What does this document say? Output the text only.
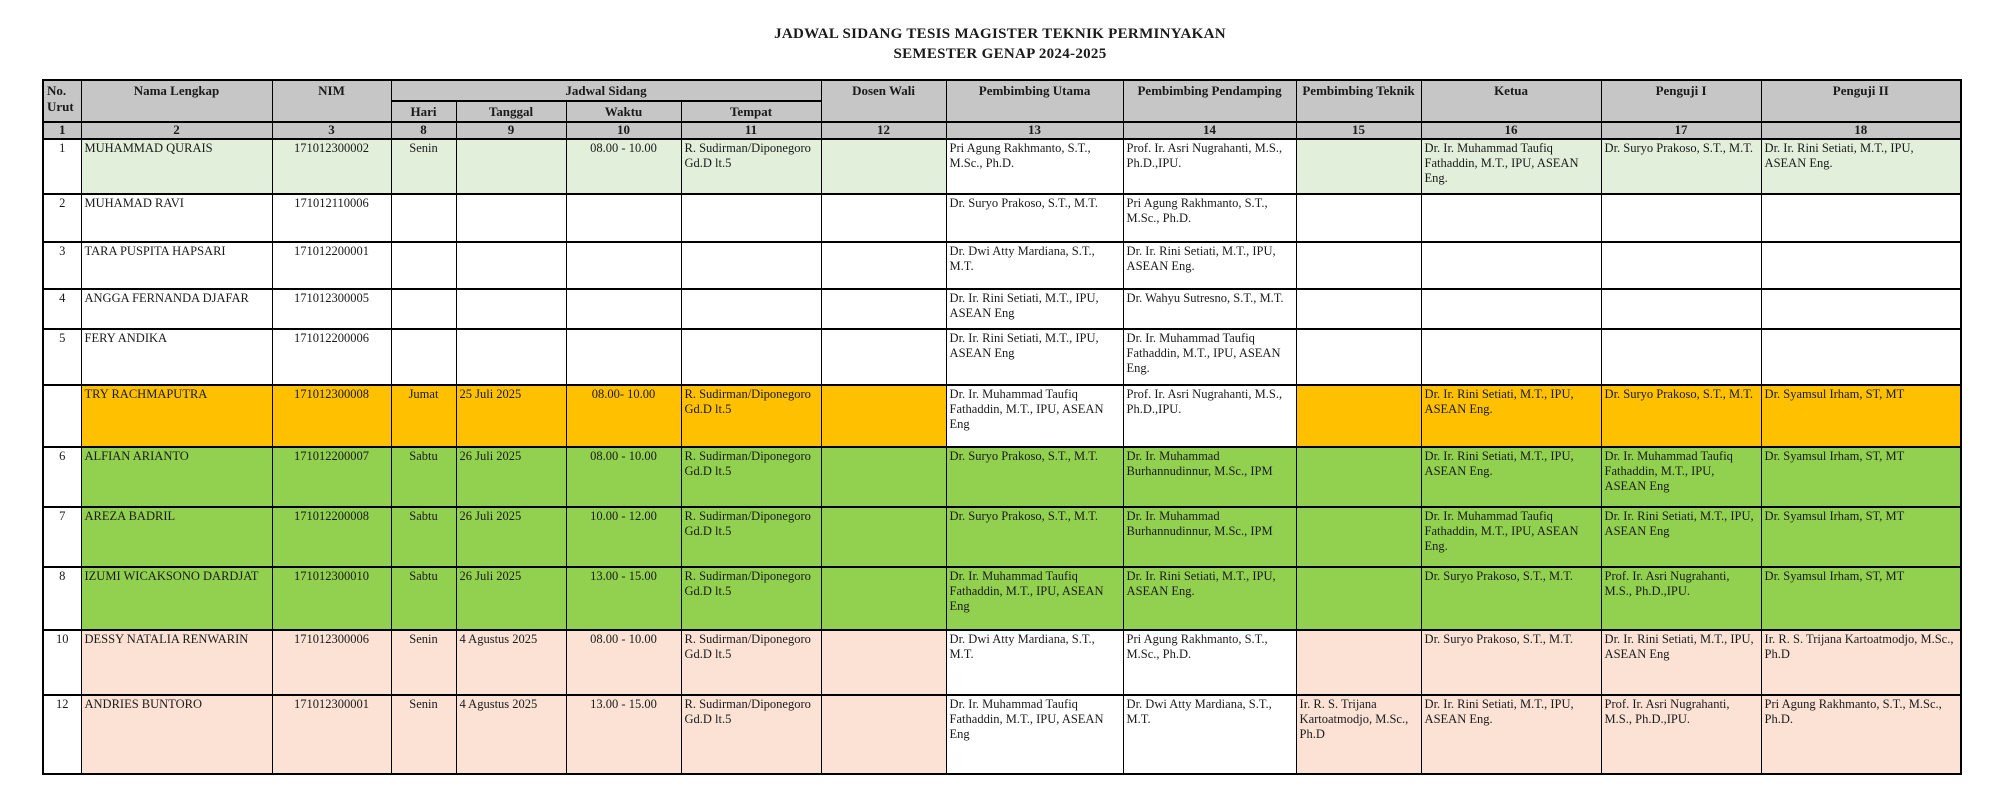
JADWAL SIDANG TESIS MAGISTER TEKNIK PERMINYAKAN
SEMESTER GENAP 2024-2025
No. Urut	Nama Lengkap	NIM	Jadwal Sidang				Dosen Wali	Pembimbing Utama	Pembimbing Pendamping	Pembimbing Teknik	Ketua	Penguji I	Penguji II
			Hari	Tanggal	Waktu	Tempat							
1	2	3	8	9	10	11	12	13	14	15	16	17	18
1	MUHAMMAD QURAIS	171012300002	Senin		08.00 - 10.00	R. Sudirman/Diponegoro Gd.D lt.5		Pri Agung Rakhmanto, S.T., M.Sc., Ph.D.	Prof. Ir. Asri Nugrahanti, M.S., Ph.D.,IPU.		Dr. Ir. Muhammad Taufiq Fathaddin, M.T., IPU, ASEAN Eng.	Dr. Suryo Prakoso, S.T., M.T.	Dr. Ir. Rini Setiati, M.T., IPU, ASEAN Eng.
2	MUHAMAD RAVI	171012110006						Dr. Suryo Prakoso, S.T., M.T.	Pri Agung Rakhmanto, S.T., M.Sc., Ph.D.				
3	TARA PUSPITA HAPSARI	171012200001						Dr. Dwi Atty Mardiana, S.T., M.T.	Dr. Ir. Rini Setiati, M.T., IPU, ASEAN Eng.				
4	ANGGA FERNANDA DJAFAR	171012300005						Dr. Ir. Rini Setiati, M.T., IPU, ASEAN Eng	Dr. Wahyu Sutresno, S.T., M.T.				
5	FERY ANDIKA	171012200006						Dr. Ir. Rini Setiati, M.T., IPU, ASEAN Eng	Dr. Ir. Muhammad Taufiq Fathaddin, M.T., IPU, ASEAN Eng.				
	TRY RACHMAPUTRA	171012300008	Jumat	25 Juli 2025	08.00- 10.00	R. Sudirman/Diponegoro Gd.D lt.5		Dr. Ir. Muhammad Taufiq Fathaddin, M.T., IPU, ASEAN Eng	Prof. Ir. Asri Nugrahanti, M.S., Ph.D.,IPU.		Dr. Ir. Rini Setiati, M.T., IPU, ASEAN Eng.	Dr. Suryo Prakoso, S.T., M.T.	Dr. Syamsul Irham, ST, MT
6	ALFIAN ARIANTO	171012200007	Sabtu	26 Juli 2025	08.00 - 10.00	R. Sudirman/Diponegoro Gd.D lt.5		Dr. Suryo Prakoso, S.T., M.T.	Dr. Ir. Muhammad Burhannudinnur, M.Sc., IPM		Dr. Ir. Rini Setiati, M.T., IPU, ASEAN Eng.	Dr. Ir. Muhammad Taufiq Fathaddin, M.T., IPU, ASEAN Eng	Dr. Syamsul Irham, ST, MT
7	AREZA BADRIL	171012200008	Sabtu	26 Juli 2025	10.00 - 12.00	R. Sudirman/Diponegoro Gd.D lt.5		Dr. Suryo Prakoso, S.T., M.T.	Dr. Ir. Muhammad Burhannudinnur, M.Sc., IPM		Dr. Ir. Muhammad Taufiq Fathaddin, M.T., IPU, ASEAN Eng.	Dr. Ir. Rini Setiati, M.T., IPU, ASEAN Eng	Dr. Syamsul Irham, ST, MT
8	IZUMI WICAKSONO DARDJAT	171012300010	Sabtu	26 Juli 2025	13.00 - 15.00	R. Sudirman/Diponegoro Gd.D lt.5		Dr. Ir. Muhammad Taufiq Fathaddin, M.T., IPU, ASEAN Eng	Dr. Ir. Rini Setiati, M.T., IPU, ASEAN Eng.		Dr. Suryo Prakoso, S.T., M.T.	Prof. Ir. Asri Nugrahanti, M.S., Ph.D.,IPU.	Dr. Syamsul Irham, ST, MT
10	DESSY NATALIA RENWARIN	171012300006	Senin	4 Agustus 2025	08.00 - 10.00	R. Sudirman/Diponegoro Gd.D lt.5		Dr. Dwi Atty Mardiana, S.T., M.T.	Pri Agung Rakhmanto, S.T., M.Sc., Ph.D.		Dr. Suryo Prakoso, S.T., M.T.	Dr. Ir. Rini Setiati, M.T., IPU, ASEAN Eng	Ir. R. S. Trijana Kartoatmodjo, M.Sc., Ph.D
12	ANDRIES BUNTORO	171012300001	Senin	4 Agustus 2025	13.00 - 15.00	R. Sudirman/Diponegoro Gd.D lt.5		Dr. Ir. Muhammad Taufiq Fathaddin, M.T., IPU, ASEAN Eng	Dr. Dwi Atty Mardiana, S.T., M.T.	Ir. R. S. Trijana Kartoatmodjo, M.Sc., Ph.D	Dr. Ir. Rini Setiati, M.T., IPU, ASEAN Eng.	Prof. Ir. Asri Nugrahanti, M.S., Ph.D.,IPU.	Pri Agung Rakhmanto, S.T., M.Sc., Ph.D.
